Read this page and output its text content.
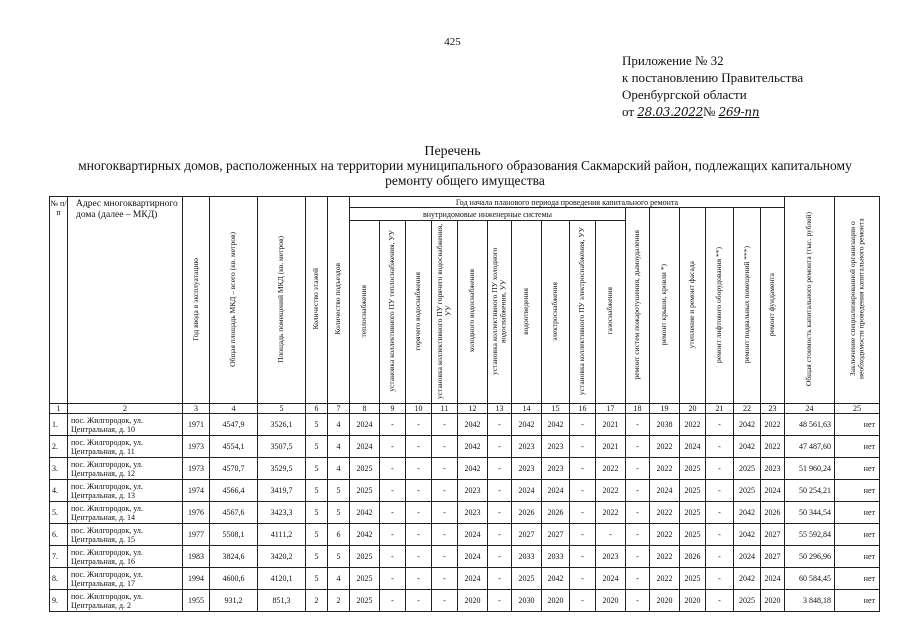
425
Приложение № 32
к постановлению Правительства
Оренбургской области
от 28.03.2022№ 269-пп
Перечень
многоквартирных домов, расположенных на территории муниципального образования Сакмарский район, подлежащих капитальному ремонту общего имущества
№ п/п	Адрес многоквартирного дома (далее – МКД)	Год ввода в эксплуатацию	Общая площадь МКД – всего (кв. метров)	Площадь помещений МКД (кв. метров)	Количество этажей	Количество подъездов	Год начала планового периода проведения капитального ремонта																Общая стоимость капитального ремонта (тыс. рублей)	Заключение специализированной организации о необходимости проведения капитального ремонта
							внутридомовые инженерные системы										ремонт систем пожаротушения, дымоудаления	ремонт крыши, кровли *)	утепление и ремонт фасада	ремонт лифтового оборудования **)	ремонт подвальных помещений ***)	ремонт фундамента		
							теплоснабжения	установка коллективного ПУ теплоснабжения, УУ	горячего водоснабжения	установка коллективного ПУ горячего водоснабжения, УУ	холодного водоснабжения	установка коллективного ПУ холодного водоснабжения, УУ	водоотведения	электроснабжения	установка коллективного ПУ электроснабжения, УУ	газоснабжения								
1	2	3	4	5	6	7	8	9	10	11	12	13	14	15	16	17	18	19	20	21	22	23	24	25
1.	пос. Жилгородок, ул. Центральная, д. 10	1971	4547,9	3526,1	5	4	2024	-	-	-	2042	-	2042	2042	-	2021	-	2038	2022	-	2042	2022	48 561,63	нет
2.	пос. Жилгородок, ул. Центральная, д. 11	1973	4554,1	3507,5	5	4	2024	-	-	-	2042	-	2023	2023	-	2021	-	2022	2024	-	2042	2022	47 487,60	нет
3.	пос. Жилгородок, ул. Центральная, д. 12	1973	4570,7	3529,5	5	4	2025	-	-	-	2042	-	2023	2023	-	2022	-	2022	2025	-	2025	2023	51 960,24	нет
4.	пос. Жилгородок, ул. Центральная, д. 13	1974	4566,4	3419,7	5	5	2025	-	-	-	2023	-	2024	2024	-	2022	-	2024	2025	-	2025	2024	50 254,21	нет
5.	пос. Жилгородок, ул. Центральная, д. 14	1976	4567,6	3423,3	5	5	2042	-	-	-	2023	-	2026	2026	-	2022	-	2022	2025	-	2042	2026	50 344,54	нет
6.	пос. Жилгородок, ул. Центральная, д. 15	1977	5508,1	4111,2	5	6	2042	-	-	-	2024	-	2027	2027	-	-	-	2022	2025	-	2042	2027	55 592,84	нет
7.	пос. Жилгородок, ул. Центральная, д. 16	1983	3824,6	3420,2	5	5	2025	-	-	-	2024	-	2033	2033	-	2023	-	2022	2026	-	2024	2027	50 296,96	нет
8.	пос. Жилгородок, ул. Центральная, д. 17	1994	4600,6	4120,1	5	4	2025	-	-	-	2024	-	2025	2042	-	2024	-	2022	2025	-	2042	2024	60 584,45	нет
9.	пос. Жилгородок, ул. Центральная, д. 2	1955	931,2	851,3	2	2	2025	-	-	-	2020	-	2030	2020	-	2020	-	2020	2020	-	2025	2020	3 848,18	нет
